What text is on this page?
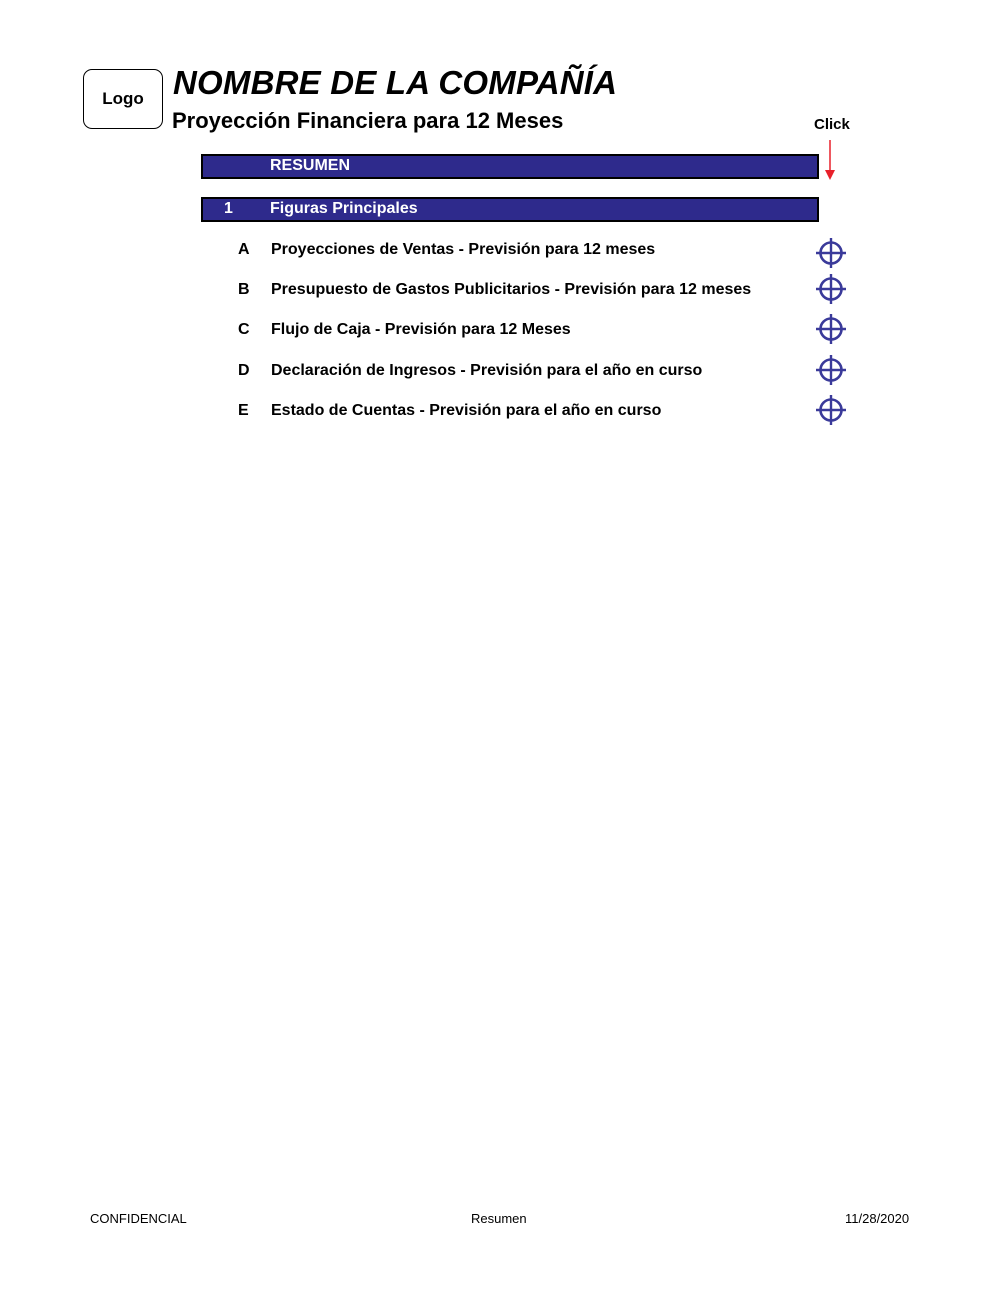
Logo NOMBRE DE LA COMPAÑÍA
Proyección Financiera para 12 Meses	Click
RESUMEN
1 Figuras Principales
A Proyecciones de Ventas - Previsión para 12 meses
B Presupuesto de Gastos Publicitarios - Previsión para 12 meses
C Flujo de Caja - Previsión para 12 Meses
D Declaración de Ingresos - Previsión para el año en curso
E Estado de Cuentas - Previsión para el año en curso
CONFIDENCIAL	Resumen	11/28/2020
